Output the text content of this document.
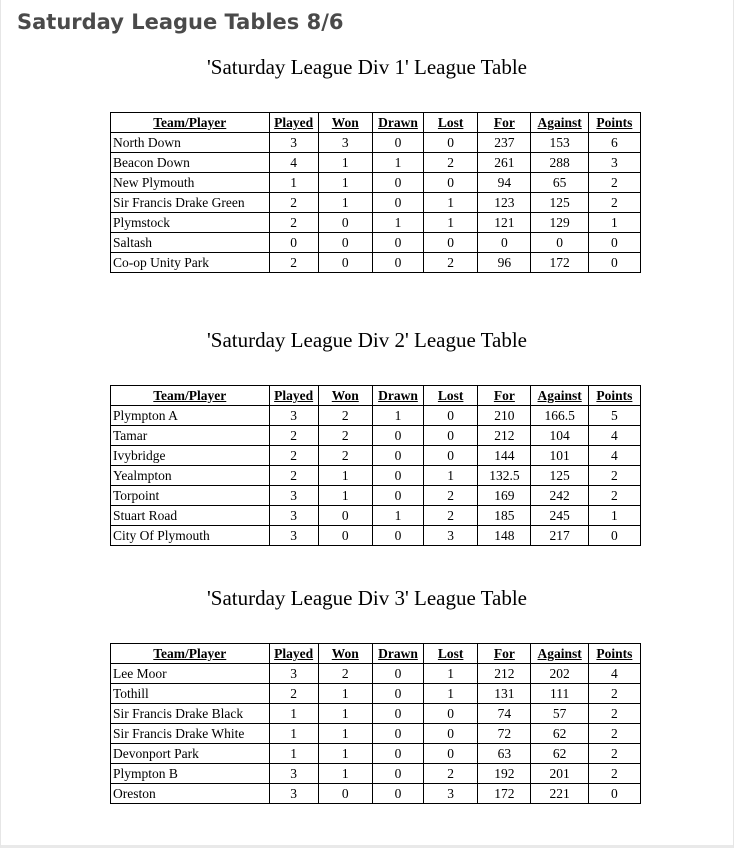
Saturday League Tables 8/6
'Saturday League Div 1' League Table
Team/Player	Played	Won	Drawn	Lost	For	Against	Points
North Down	3	3	0	0	237	153	6
Beacon Down	4	1	1	2	261	288	3
New Plymouth	1	1	0	0	94	65	2
Sir Francis Drake Green	2	1	0	1	123	125	2
Plymstock	2	0	1	1	121	129	1
Saltash	0	0	0	0	0	0	0
Co-op Unity Park	2	0	0	2	96	172	0
'Saturday League Div 2' League Table
Team/Player	Played	Won	Drawn	Lost	For	Against	Points
Plympton A	3	2	1	0	210	166.5	5
Tamar	2	2	0	0	212	104	4
Ivybridge	2	2	0	0	144	101	4
Yealmpton	2	1	0	1	132.5	125	2
Torpoint	3	1	0	2	169	242	2
Stuart Road	3	0	1	2	185	245	1
City Of Plymouth	3	0	0	3	148	217	0
'Saturday League Div 3' League Table
Team/Player	Played	Won	Drawn	Lost	For	Against	Points
Lee Moor	3	2	0	1	212	202	4
Tothill	2	1	0	1	131	111	2
Sir Francis Drake Black	1	1	0	0	74	57	2
Sir Francis Drake White	1	1	0	0	72	62	2
Devonport Park	1	1	0	0	63	62	2
Plympton B	3	1	0	2	192	201	2
Oreston	3	0	0	3	172	221	0
